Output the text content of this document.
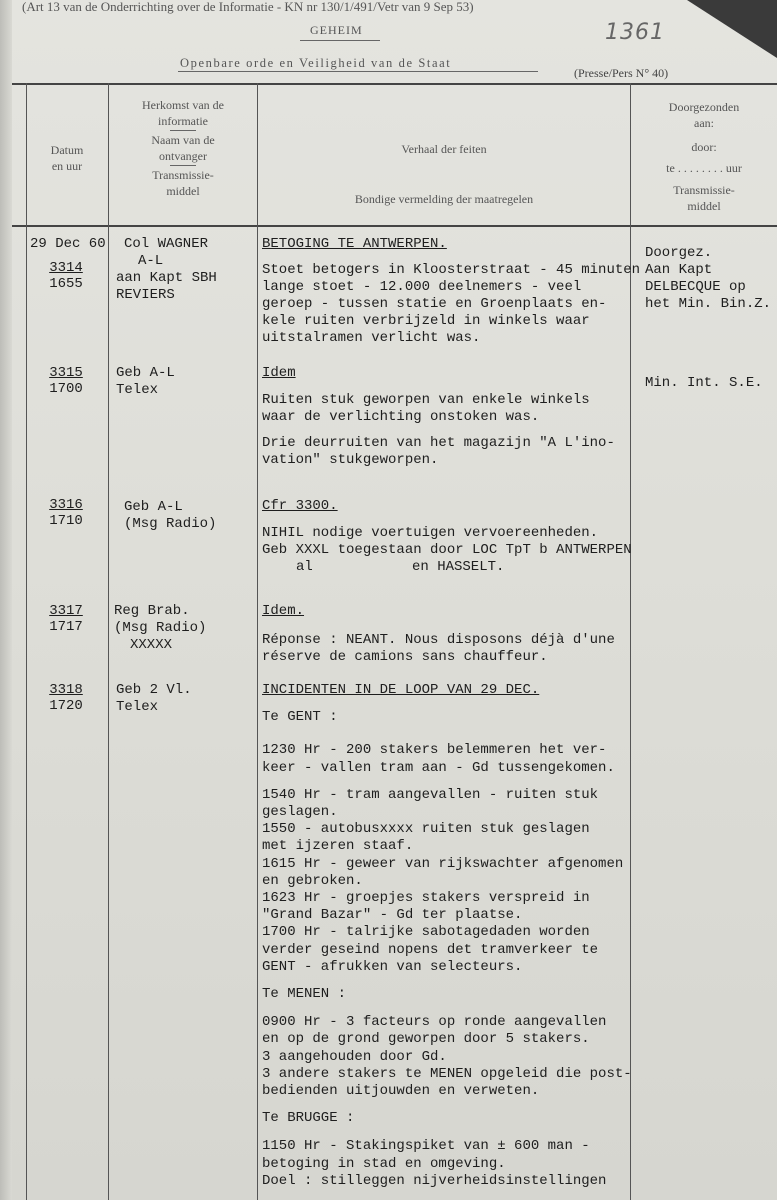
(Art 13 van de Onderrichting over de Informatie - KN nr 130/1/491/Vetr van 9 Sep 53)
GEHEIM	1361
Openbare orde en Veiligheid van de Staat
(Presse/Pers N° 40)
Datum
en uur
Herkomst van de
informatie
Naam van de
ontvanger
Transmissie-
middel
Verhaal der feiten
Bondige vermelding der maatregelen
Doorgezonden
aan:
door:
te . . . . . . . . uur
Transmissie-
middel
29 Dec 60
3314
1655
Col WAGNER
A-L
aan Kapt SBH
REVIERS
BETOGING TE ANTWERPEN.
Stoet betogers in Kloosterstraat - 45 minuten
lange stoet - 12.000 deelnemers - veel
geroep - tussen statie en Groenplaats en-
kele ruiten verbrijzeld in winkels waar
uitstalramen verlicht was.
Doorgez.
Aan Kapt
DELBECQUE op
het Min. Bin.Z.
3315
1700
Geb A-L
Telex
Idem
Ruiten stuk geworpen van enkele winkels
waar de verlichting onstoken was.
Drie deurruiten van het magazijn "A L'ino-
vation" stukgeworpen.
Min. Int. S.E.
3316
1710
Geb A-L
(Msg Radio)
Cfr 3300.
NIHIL nodige voertuigen vervoereenheden.
Geb XXXL toegestaan door LOC TpT b ANTWERPEN
al	en HASSELT.
3317
1717
Reg Brab.
(Msg Radio)
XXXXX
Idem.
Réponse : NEANT. Nous disposons déjà d'une
réserve de camions sans chauffeur.
3318
1720
Geb 2 Vl.
Telex
INCIDENTEN IN DE LOOP VAN 29 DEC.
Te GENT :
1230 Hr - 200 stakers belemmeren het ver-
keer - vallen tram aan - Gd tussengekomen.
1540 Hr - tram aangevallen - ruiten stuk
geslagen.
1550 - autobusxxxx ruiten stuk geslagen
met ijzeren staaf.
1615 Hr - geweer van rijkswachter afgenomen
en gebroken.
1623 Hr - groepjes stakers verspreid in
"Grand Bazar" - Gd ter plaatse.
1700 Hr - talrijke sabotagedaden worden
verder geseind nopens det tramverkeer te
GENT - afrukken van selecteurs.
Te MENEN :
0900 Hr - 3 facteurs op ronde aangevallen
en op de grond geworpen door 5 stakers.
3 aangehouden door Gd.
3 andere stakers te MENEN opgeleid die post-
bedienden uitjouwden en verweten.
Te BRUGGE :
1150 Hr - Stakingspiket van ± 600 man -
betoging in stad en omgeving.
Doel : stilleggen nijverheidsinstellingen
